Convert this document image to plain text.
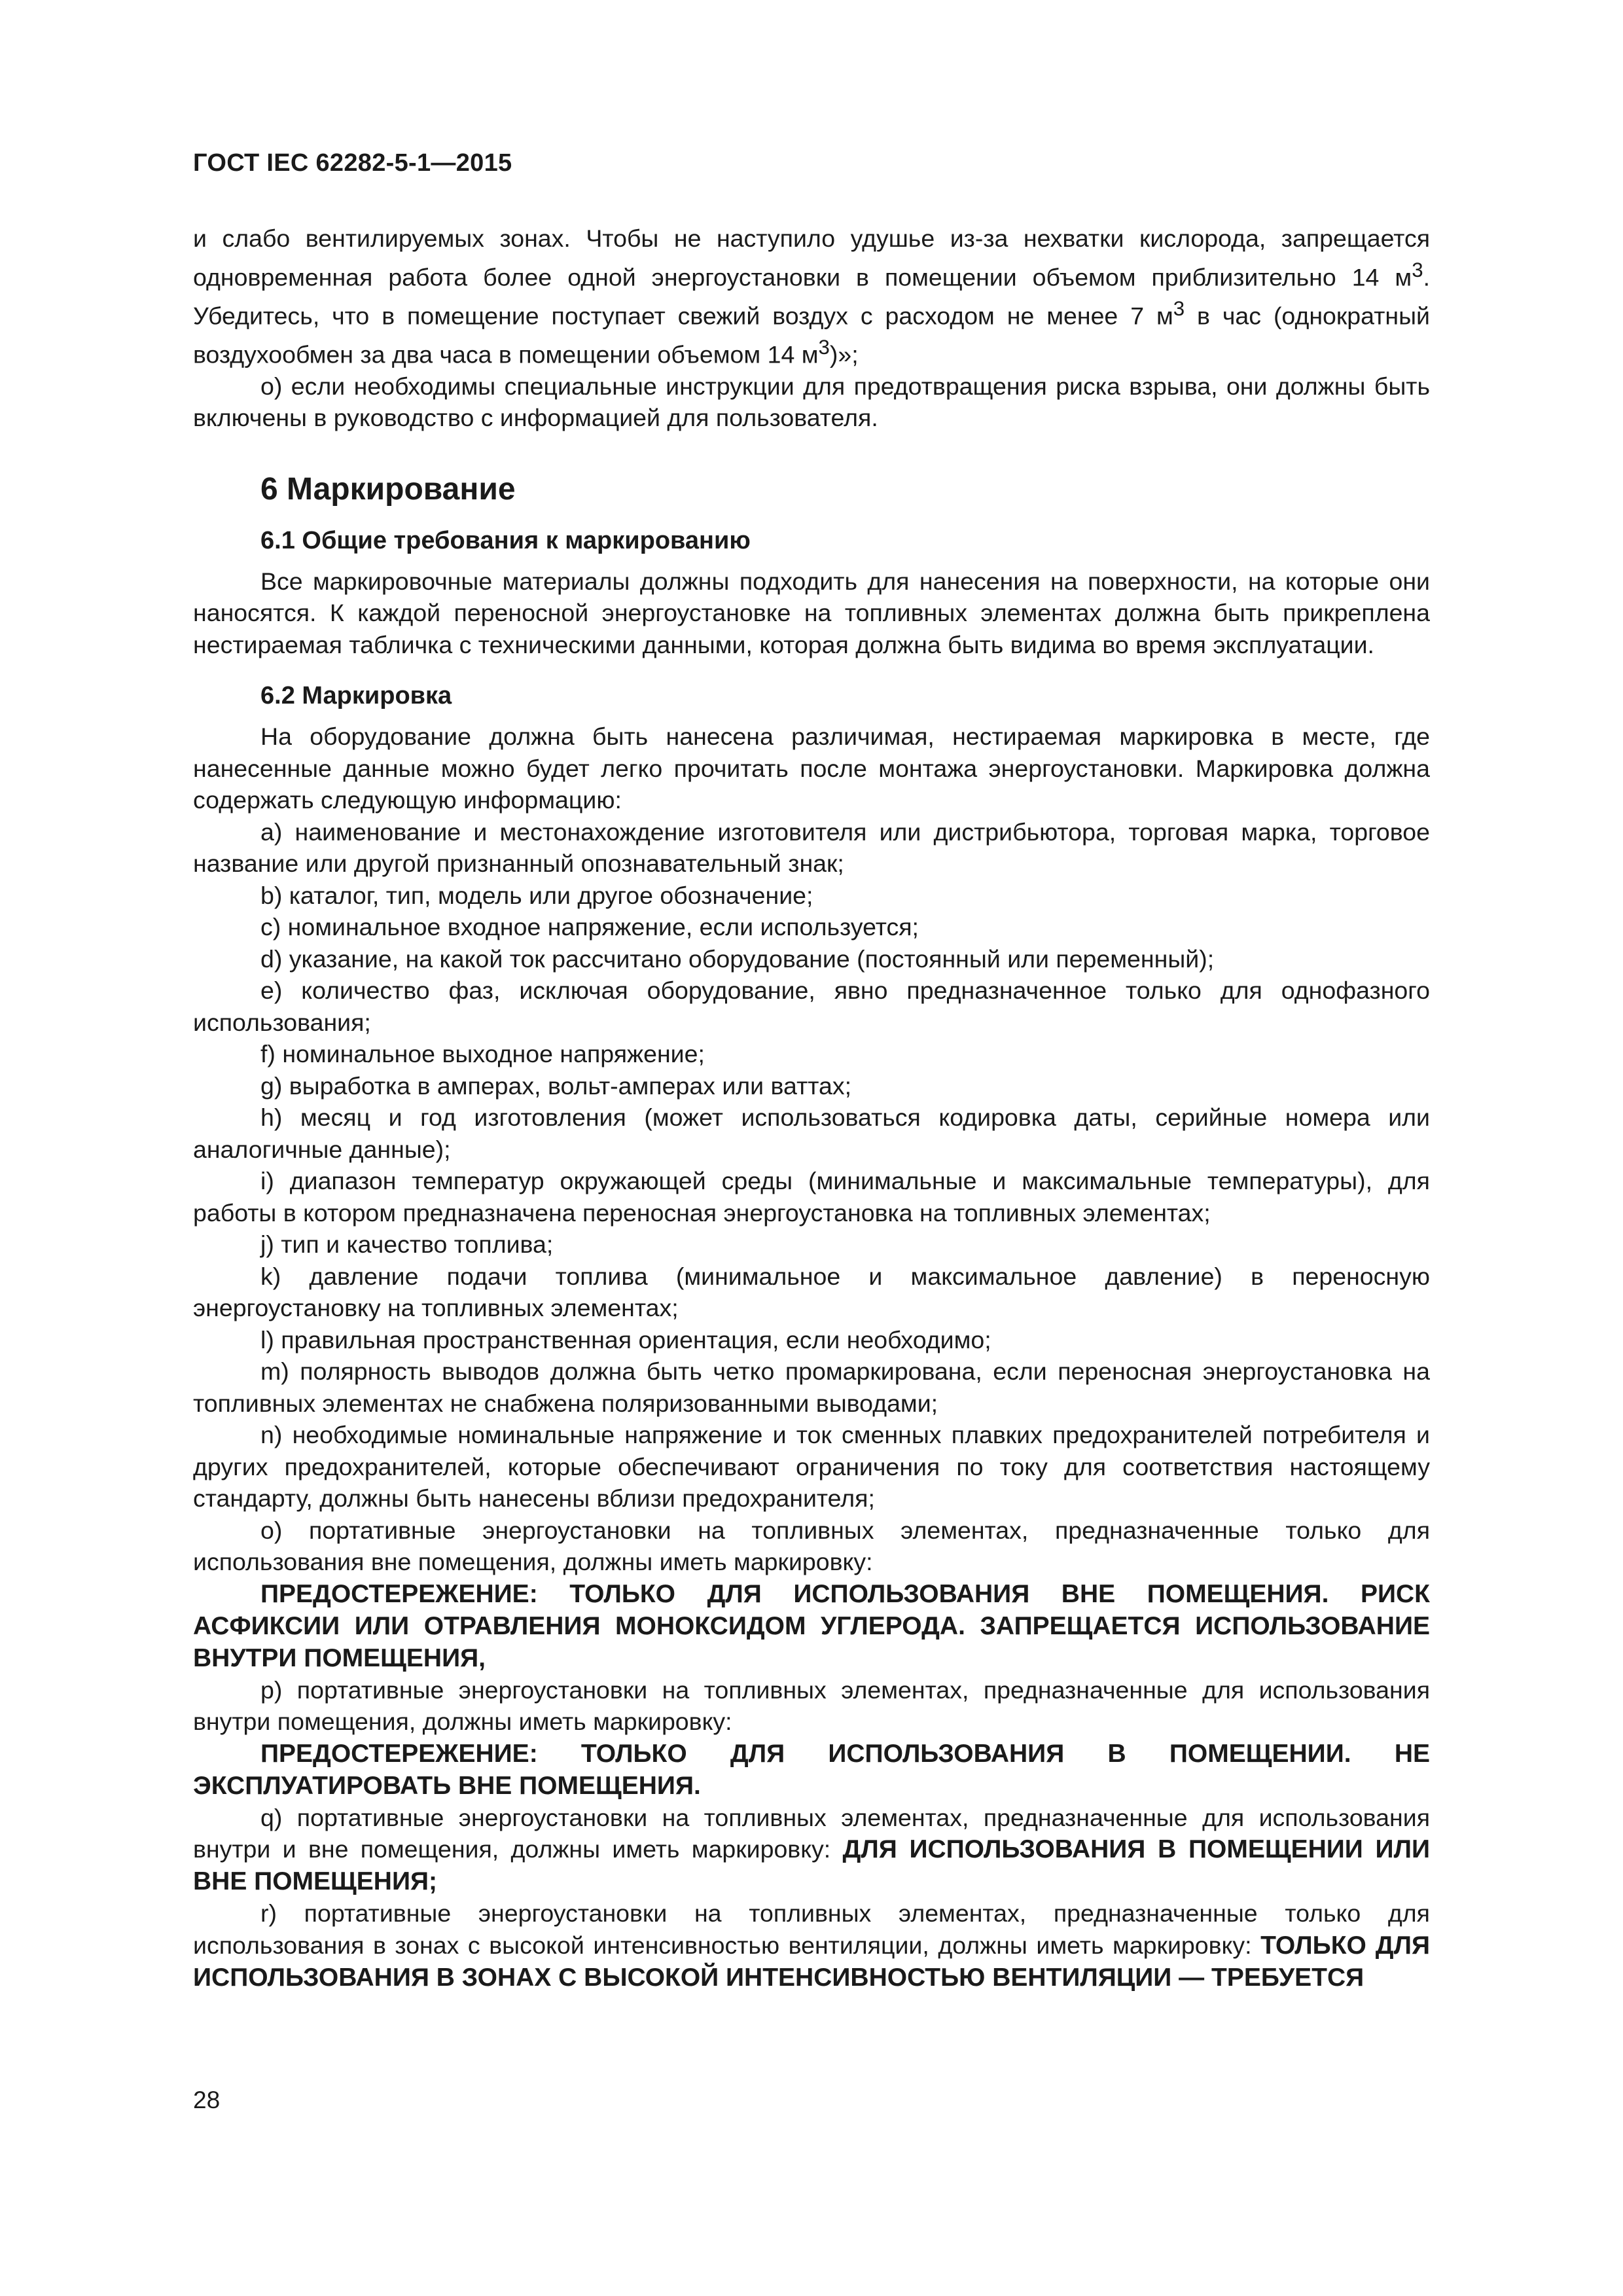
ГОСТ IEC 62282-5-1—2015

и слабо вентилируемых зонах. Чтобы не наступило удушье из-за нехватки кислорода, запрещается одновременная работа более одной энергоустановки в помещении объемом приблизительно 14 $м^3$. Убедитесь, что в помещение поступает свежий воздух с расходом не менее 7 $м^3$ в час (однократный воздухообмен за два часа в помещении объемом 14 $м^3$)»;

o) если необходимы специальные инструкции для предотвращения риска взрыва, они должны быть включены в руководство с информацией для пользователя.

6 Маркирование
6.1 Общие требования к маркированию

Все маркировочные материалы должны подходить для нанесения на поверхности, на которые они наносятся. К каждой переносной энергоустановке на топливных элементах должна быть прикреплена нестираемая табличка с техническими данными, которая должна быть видима во время эксплуатации.

6.2 Маркировка

На оборудование должна быть нанесена различимая, нестираемая маркировка в месте, где нанесенные данные можно будет легко прочитать после монтажа энергоустановки. Маркировка должна содержать следующую информацию:

a) наименование и местонахождение изготовителя или дистрибьютора, торговая марка, торговое название или другой признанный опознавательный знак;

b) каталог, тип, модель или другое обозначение;

c) номинальное входное напряжение, если используется;

d) указание, на какой ток рассчитано оборудование (постоянный или переменный);

e) количество фаз, исключая оборудование, явно предназначенное только для однофазного использования;

f) номинальное выходное напряжение;

g) выработка в амперах, вольт-амперах или ваттах;

h) месяц и год изготовления (может использоваться кодировка даты, серийные номера или аналогичные данные);

i) диапазон температур окружающей среды (минимальные и максимальные температуры), для работы в котором предназначена переносная энергоустановка на топливных элементах;

j) тип и качество топлива;

k) давление подачи топлива (минимальное и максимальное давление) в переносную энергоустановку на топливных элементах;

l) правильная пространственная ориентация, если необходимо;

m) полярность выводов должна быть четко промаркирована, если переносная энергоустановка на топливных элементах не снабжена поляризованными выводами;

n) необходимые номинальные напряжение и ток сменных плавких предохранителей потребителя и других предохранителей, которые обеспечивают ограничения по току для соответствия настоящему стандарту, должны быть нанесены вблизи предохранителя;

o) портативные энергоустановки на топливных элементах, предназначенные только для использования вне помещения, должны иметь маркировку:

ПРЕДОСТЕРЕЖЕНИЕ: ТОЛЬКО ДЛЯ ИСПОЛЬЗОВАНИЯ ВНЕ ПОМЕЩЕНИЯ. РИСК АСФИКСИИ ИЛИ ОТРАВЛЕНИЯ МОНОКСИДОМ УГЛЕРОДА. ЗАПРЕЩАЕТСЯ ИСПОЛЬЗОВАНИЕ ВНУТРИ ПОМЕЩЕНИЯ,

p) портативные энергоустановки на топливных элементах, предназначенные для использования внутри помещения, должны иметь маркировку:

ПРЕДОСТЕРЕЖЕНИЕ: ТОЛЬКО ДЛЯ ИСПОЛЬЗОВАНИЯ В ПОМЕЩЕНИИ. НЕ ЭКСПЛУАТИРОВАТЬ ВНЕ ПОМЕЩЕНИЯ.

q) портативные энергоустановки на топливных элементах, предназначенные для использования внутри и вне помещения, должны иметь маркировку: ДЛЯ ИСПОЛЬЗОВАНИЯ В ПОМЕЩЕНИИ ИЛИ ВНЕ ПОМЕЩЕНИЯ;

r) портативные энергоустановки на топливных элементах, предназначенные только для использования в зонах с высокой интенсивностью вентиляции, должны иметь маркировку: ТОЛЬКО ДЛЯ ИСПОЛЬЗОВАНИЯ В ЗОНАХ С ВЫСОКОЙ ИНТЕНСИВНОСТЬЮ ВЕНТИЛЯЦИИ — ТРЕБУЕТСЯ

28
